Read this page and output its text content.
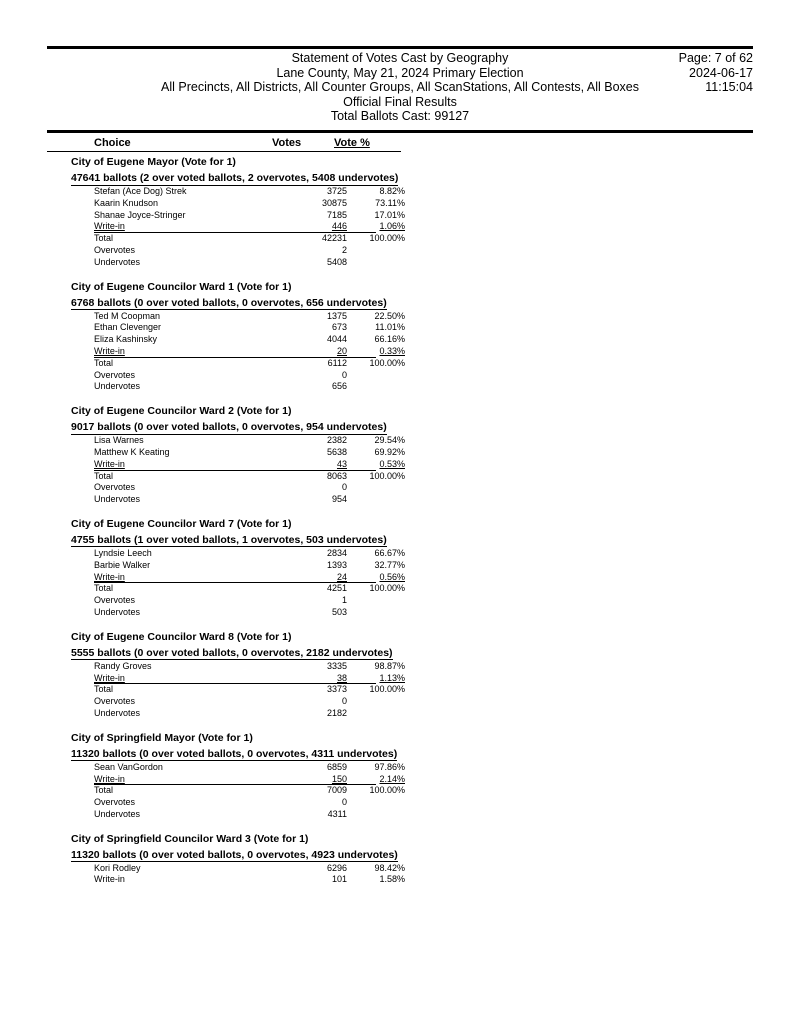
Statement of Votes Cast by Geography
Lane County, May 21, 2024 Primary Election
All Precincts, All Districts, All Counter Groups, All ScanStations, All Contests, All Boxes
Official Final Results
Total Ballots Cast: 99127
Page: 7 of 62
2024-06-17
11:15:04
Choice	Votes	Vote %
City of Eugene Mayor (Vote for 1)
47641 ballots (2 over voted ballots, 2 overvotes, 5408 undervotes)
Stefan (Ace Dog) Strek	3725	8.82%
Kaarin Knudson	30875	73.11%
Shanae Joyce-Stringer	7185	17.01%
Write-in	446	1.06%
Total	42231 100.00%
Overvotes	2
Undervotes	5408
City of Eugene Councilor Ward 1 (Vote for 1)
6768 ballots (0 over voted ballots, 0 overvotes, 656 undervotes)
Ted M Coopman	1375	22.50%
Ethan Clevenger	673	11.01%
Eliza Kashinsky	4044	66.16%
Write-in	20	0.33%
Total	6112 100.00%
Overvotes	0
Undervotes	656
City of Eugene Councilor Ward 2 (Vote for 1)
9017 ballots (0 over voted ballots, 0 overvotes, 954 undervotes)
Lisa Warnes	2382	29.54%
Matthew K Keating	5638	69.92%
Write-in	43	0.53%
Total	8063 100.00%
Overvotes	0
Undervotes	954
City of Eugene Councilor Ward 7 (Vote for 1)
4755 ballots (1 over voted ballots, 1 overvotes, 503 undervotes)
Lyndsie Leech	2834	66.67%
Barbie Walker	1393	32.77%
Write-in	24	0.56%
Total	4251 100.00%
Overvotes	1
Undervotes	503
City of Eugene Councilor Ward 8 (Vote for 1)
5555 ballots (0 over voted ballots, 0 overvotes, 2182 undervotes)
Randy Groves	3335	98.87%
Write-in	38	1.13%
Total	3373 100.00%
Overvotes	0
Undervotes	2182
City of Springfield Mayor (Vote for 1)
11320 ballots (0 over voted ballots, 0 overvotes, 4311 undervotes)
Sean VanGordon	6859	97.86%
Write-in	150	2.14%
Total	7009 100.00%
Overvotes	0
Undervotes	4311
City of Springfield Councilor Ward 3 (Vote for 1)
11320 ballots (0 over voted ballots, 0 overvotes, 4923 undervotes)
Kori Rodley	6296	98.42%
Write-in	101	1.58%
